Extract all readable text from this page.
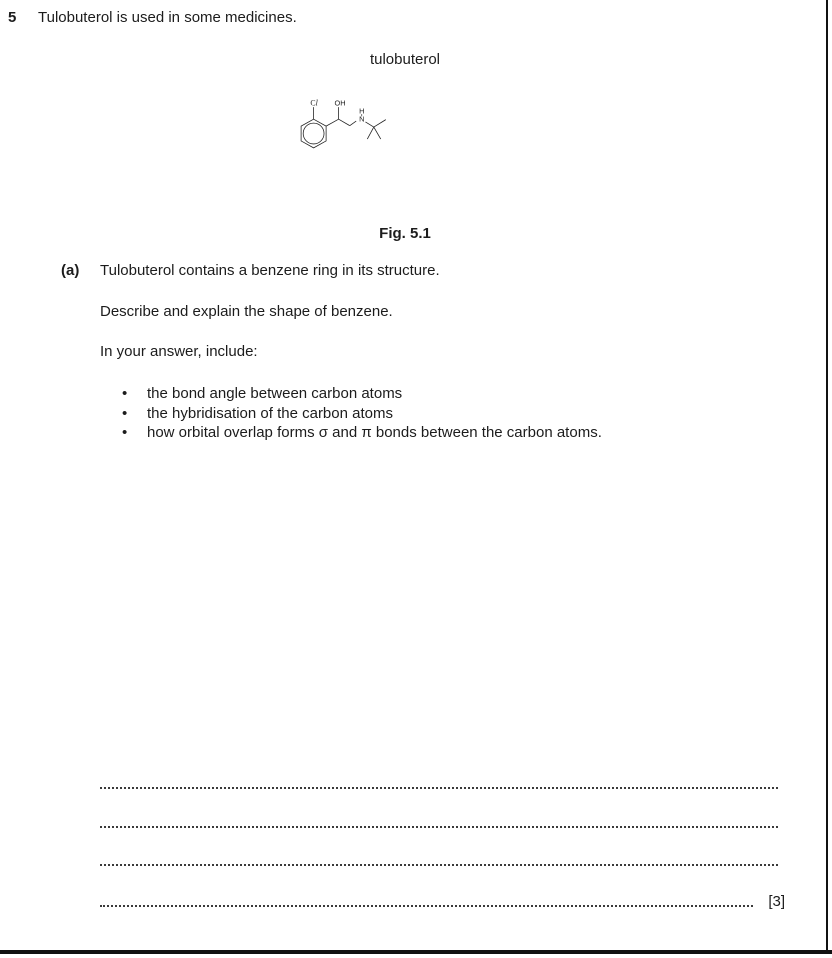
5 Tulobuterol is used in some medicines.
tulobuterol
Cl OH
H
N
Fig. 5.1
(a) Tulobuterol contains a benzene ring in its structure.
Describe and explain the shape of benzene.
In your answer, include:
•	the bond angle between carbon atoms
•	the hybridisation of the carbon atoms
•	how orbital overlap forms σ and π bonds between the carbon atoms.
[3]
